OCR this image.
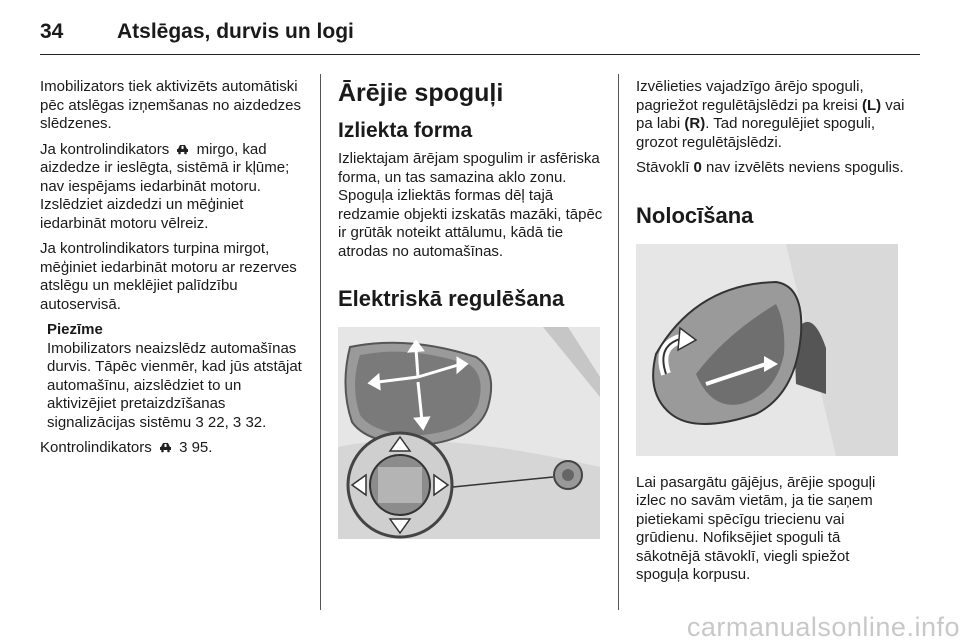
34	Atslēgas, durvis un logi

Imobilizators tiek aktivizēts automātiski pēc atslēgas izņemšanas no aizdedzes slēdzenes.

Ja kontrolindikators mirgo, kad aizdedze ir ieslēgta, sistēmā ir kļūme; nav iespējams iedarbināt motoru. Izslēdziet aizdedzi un mēģiniet iedarbināt motoru vēlreiz.

Ja kontrolindikators turpina mirgot, mēģiniet iedarbināt motoru ar rezerves atslēgu un meklējiet palīdzību autoservisā.

Piezīme
Imobilizators neaizslēdz automašīnas durvis. Tāpēc vienmēr, kad jūs atstājat automašīnu, aizslēdziet to un aktivizējiet pretaizdzīšanas signalizācijas sistēmu 3 22, 3 32.

Kontrolindikators 3 95.

Ārējie spoguļi
Izliekta forma

Izliektajam ārējam spogulim ir asfēriska forma, un tas samazina aklo zonu. Spoguļa izliektās formas dēļ tajā redzamie objekti izskatās mazāki, tāpēc ir grūtāk noteikt attālumu, kādā tie atrodas no automašīnas.

Elektriskā regulēšana

Izvēlieties vajadzīgo ārējo spoguli, pagriežot regulētājslēdzi pa kreisi (L) vai pa labi (R). Tad noregulējiet spoguli, grozot regulētājslēdzi.

Stāvoklī 0 nav izvēlēts neviens spogulis.

Nolocīšana

Lai pasargātu gājējus, ārējie spoguļi izlec no savām vietām, ja tie saņem pietiekami spēcīgu triecienu vai grūdienu. Nofiksējiet spoguli tā sākotnējā stāvoklī, viegli spiežot spoguļa korpusu.

carmanualsonline.info
